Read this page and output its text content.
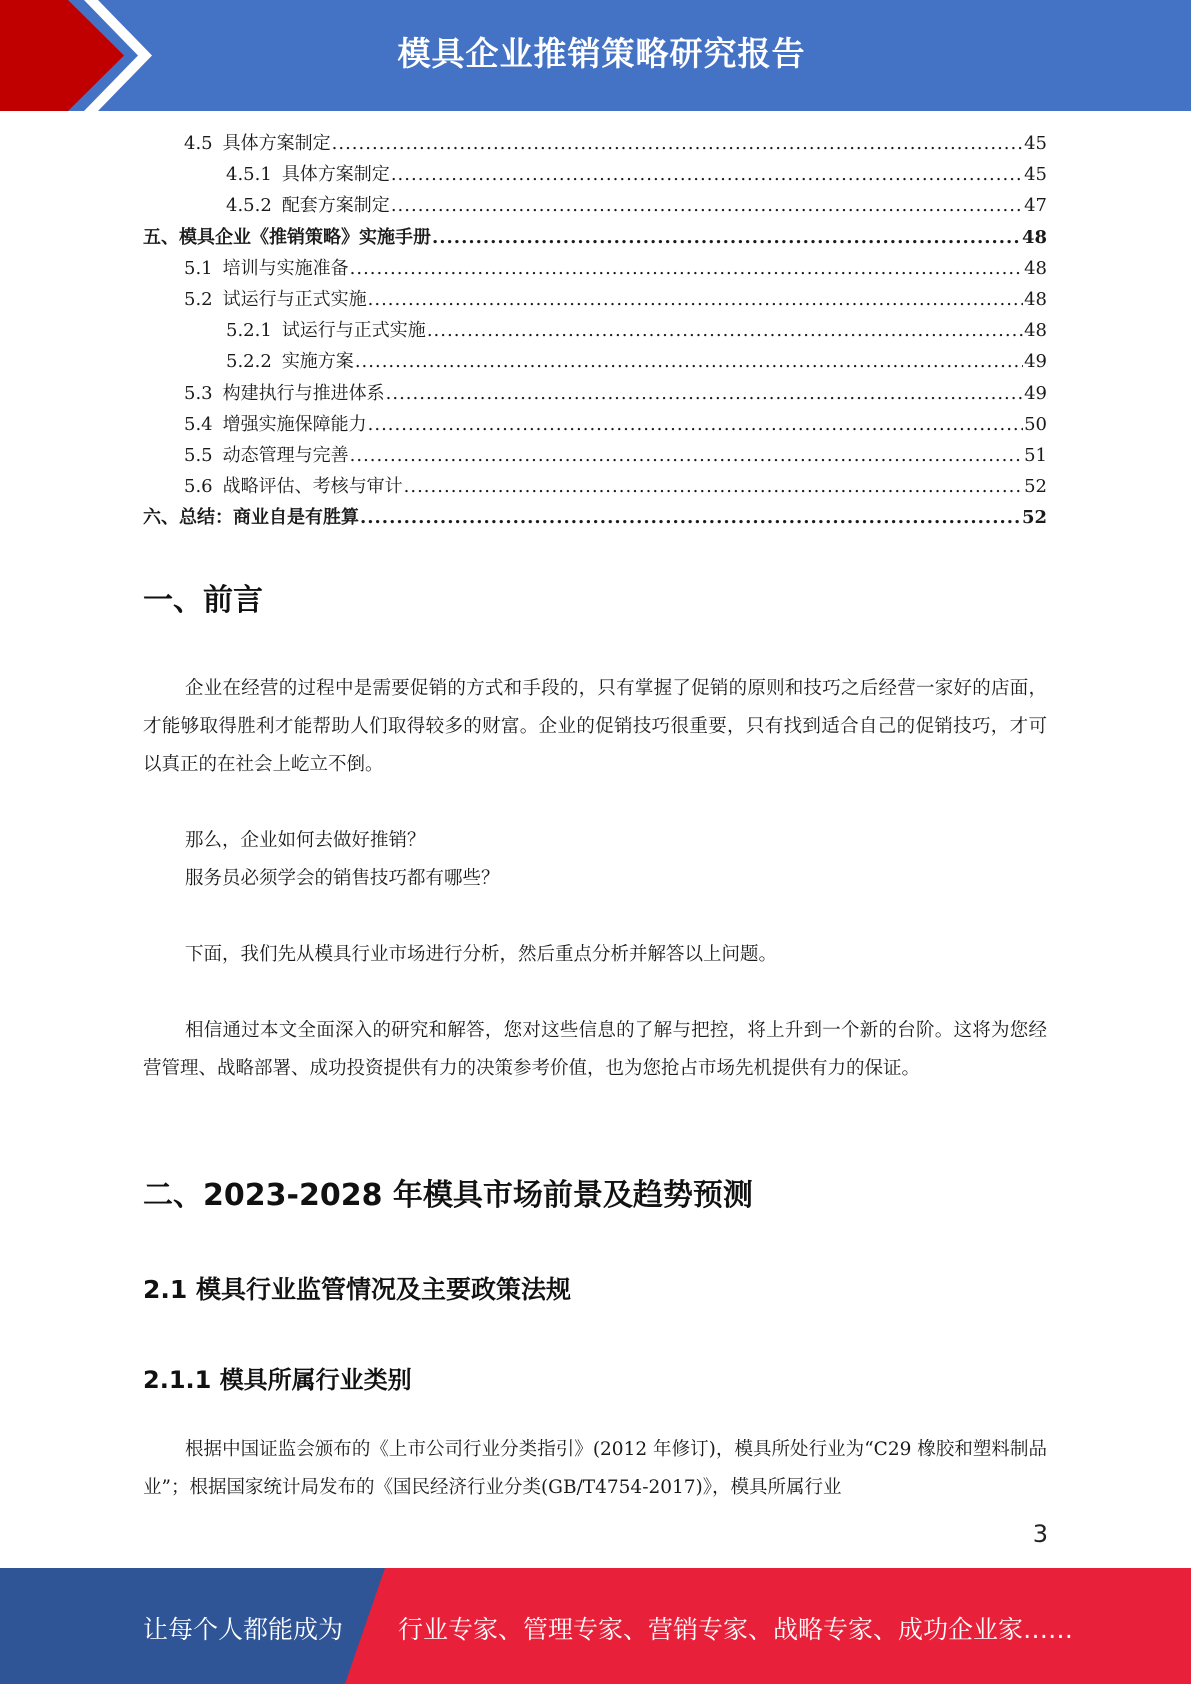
模具企业推销策略研究报告
4.5 具体方案制定 .....	45
4.5.1 具体方案制定 .....	45
4.5.2 配套方案制定 .....	47
五、模具企业《推销策略》实施手册 .....	48
5.1 培训与实施准备 .....	48
5.2 试运行与正式实施 .....	48
5.2.1 试运行与正式实施 .....	48
5.2.2 实施方案 .....	49
5.3 构建执行与推进体系 .....	49
5.4 增强实施保障能力 .....	50
5.5 动态管理与完善 .....	51
5.6 战略评估、考核与审计 .....	52
六、总结：商业自是有胜算 .....	52
一、前言

企业在经营的过程中是需要促销的方式和手段的，只有掌握了促销的原则和技巧之后经营一家好的店面，才能够取得胜利才能帮助人们取得较多的财富。企业的促销技巧很重要，只有找到适合自己的促销技巧，才可以真正的在社会上屹立不倒。

那么，企业如何去做好推销？

服务员必须学会的销售技巧都有哪些？

下面，我们先从模具行业市场进行分析，然后重点分析并解答以上问题。

相信通过本文全面深入的研究和解答，您对这些信息的了解与把控，将上升到一个新的台阶。这将为您经营管理、战略部署、成功投资提供有力的决策参考价值，也为您抢占市场先机提供有力的保证。

二、2023-2028 年模具市场前景及趋势预测
2.1 模具行业监管情况及主要政策法规
2.1.1 模具所属行业类别

根据中国证监会颁布的《上市公司行业分类指引》(2012 年修订)，模具所处行业为“C29 橡胶和塑料制品业”；根据国家统计局发布的《国民经济行业分类(GB/T4754-2017)》，模具所属行业

3
让每个人都能成为 行业专家、管理专家、营销专家、战略专家、成功企业家……
